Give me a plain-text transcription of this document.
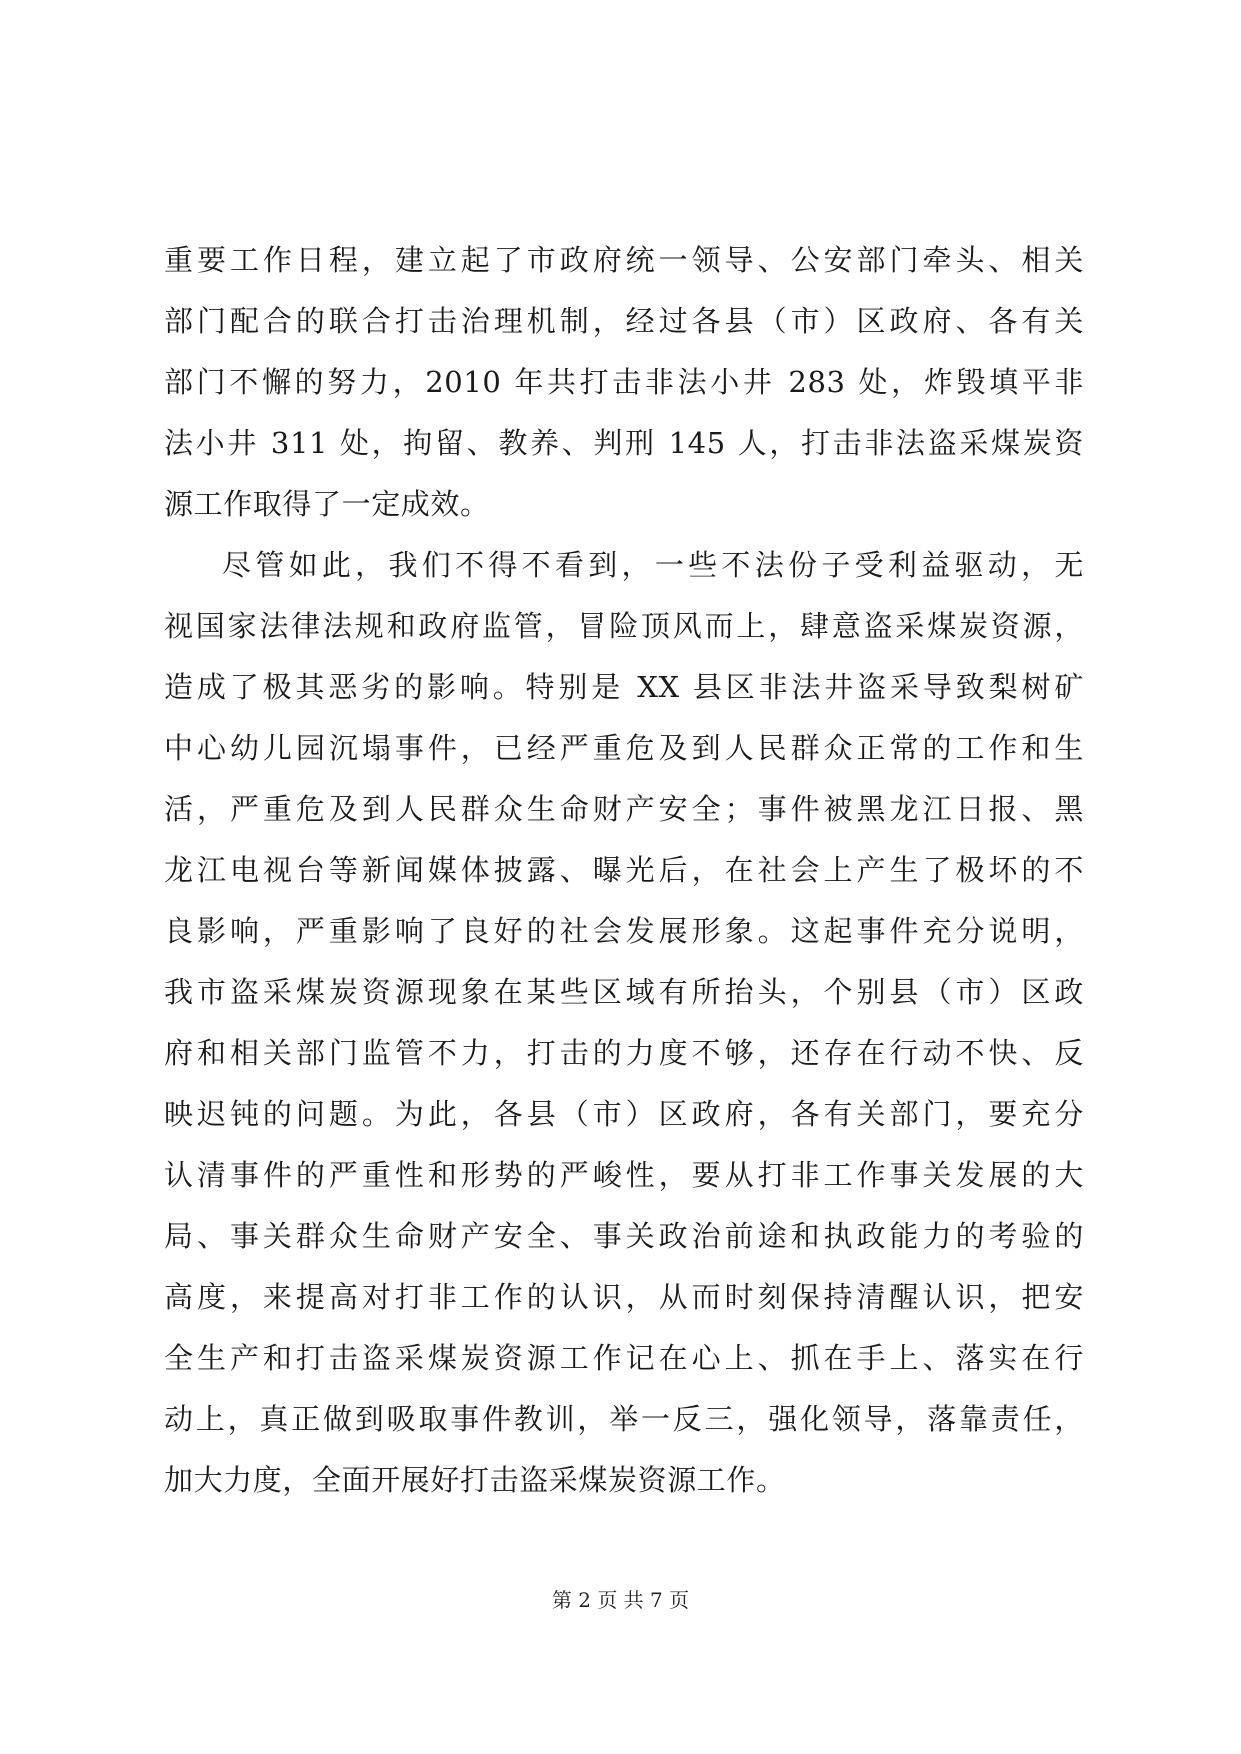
重要工作日程，建立起了市政府统一领导、公安部门牵头、相关
部门配合的联合打击治理机制，经过各县（市）区政府、各有关
部门不懈的努力，2010 年共打击非法小井 283 处，炸毁填平非
法小井 311 处，拘留、教养、判刑 145 人，打击非法盗采煤炭资
源工作取得了一定成效。
尽管如此，我们不得不看到，一些不法份子受利益驱动，无
视国家法律法规和政府监管，冒险顶风而上，肆意盗采煤炭资源，
造成了极其恶劣的影响。特别是 XX 县区非法井盗采导致梨树矿
中心幼儿园沉塌事件，已经严重危及到人民群众正常的工作和生
活，严重危及到人民群众生命财产安全；事件被黑龙江日报、黑
龙江电视台等新闻媒体披露、曝光后，在社会上产生了极坏的不
良影响，严重影响了良好的社会发展形象。这起事件充分说明，
我市盗采煤炭资源现象在某些区域有所抬头，个别县（市）区政
府和相关部门监管不力，打击的力度不够，还存在行动不快、反
映迟钝的问题。为此，各县（市）区政府，各有关部门，要充分
认清事件的严重性和形势的严峻性，要从打非工作事关发展的大
局、事关群众生命财产安全、事关政治前途和执政能力的考验的
高度，来提高对打非工作的认识，从而时刻保持清醒认识，把安
全生产和打击盗采煤炭资源工作记在心上、抓在手上、落实在行
动上，真正做到吸取事件教训，举一反三，强化领导，落靠责任，
加大力度，全面开展好打击盗采煤炭资源工作。
第 2 页 共 7 页
